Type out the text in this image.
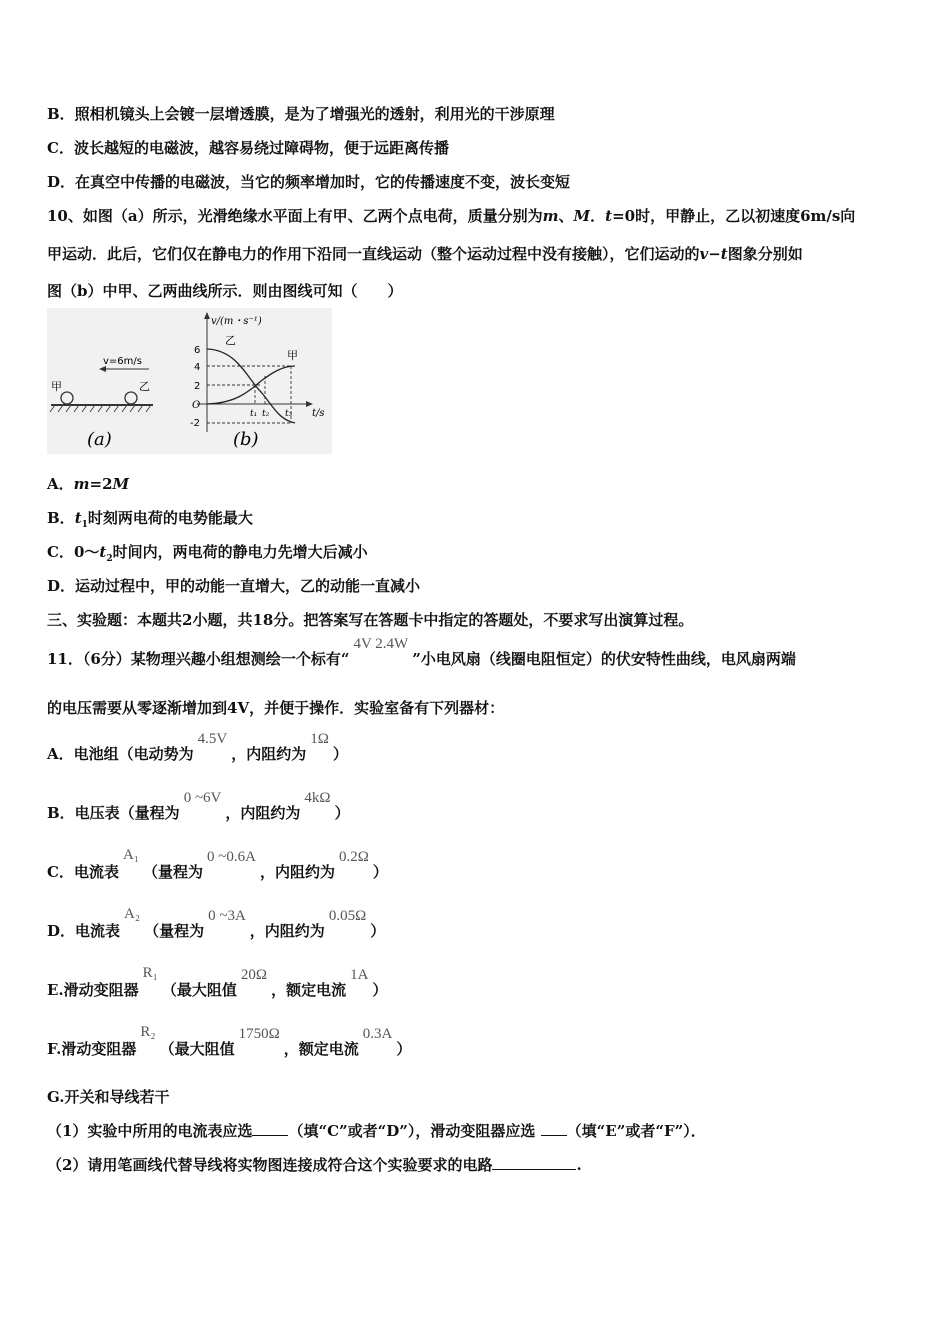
B．照相机镜头上会镀一层增透膜，是为了增强光的透射，利用光的干涉原理
C．波长越短的电磁波，越容易绕过障碍物，便于远距离传播
D．在真空中传播的电磁波，当它的频率增加时，它的传播速度不变，波长变短
10、如图（a）所示，光滑绝缘水平面上有甲、乙两个点电荷，质量分别为m、M．t=0时，甲静止，乙以初速度6m/s向
甲运动．此后，它们仅在静电力的作用下沿同一直线运动（整个运动过程中没有接触），它们运动的v−t图象分别如
图（b）中甲、乙两曲线所示．则由图线可知（　　）
v=6m/s
甲	乙
(a)
v/(m・s⁻¹)
t/s
6
4
2
O
-2
乙
甲
t₁ t₂ t₃
(b)
A．m=2M
B．$t_1$时刻两电荷的电势能最大
C．$0\sim t_2$时间内，两电荷的静电力先增大后减小
D．运动过程中，甲的动能一直增大，乙的动能一直减小
三、实验题：本题共2小题，共18分。把答案写在答题卡中指定的答题处，不要求写出演算过程。
11．（6分）某物理兴趣小组想测绘一个标有“4V 2.4W”小电风扇（线圈电阻恒定）的伏安特性曲线，电风扇两端
的电压需要从零逐渐增加到4V，并便于操作．实验室备有下列器材：
A．电池组（电动势为4.5V，内阻约为1Ω）
B．电压表（量程为0 ~6V，内阻约为4kΩ）
C．电流表A₁（量程为0 ~0.6A，内阻约为0.2Ω）
D．电流表A₂（量程为0 ~3A，内阻约为0.05Ω）
E.滑动变阻器R₁（最大阻值20Ω，额定电流1A）
F.滑动变阻器R₂（最大阻值1750Ω，额定电流0.3A）
G.开关和导线若干
（1）实验中所用的电流表应选 （填“C”或者“D”），滑动变阻器应选 （填“E”或者“F”）．
（2）请用笔画线代替导线将实物图连接成符合这个实验要求的电路	.
